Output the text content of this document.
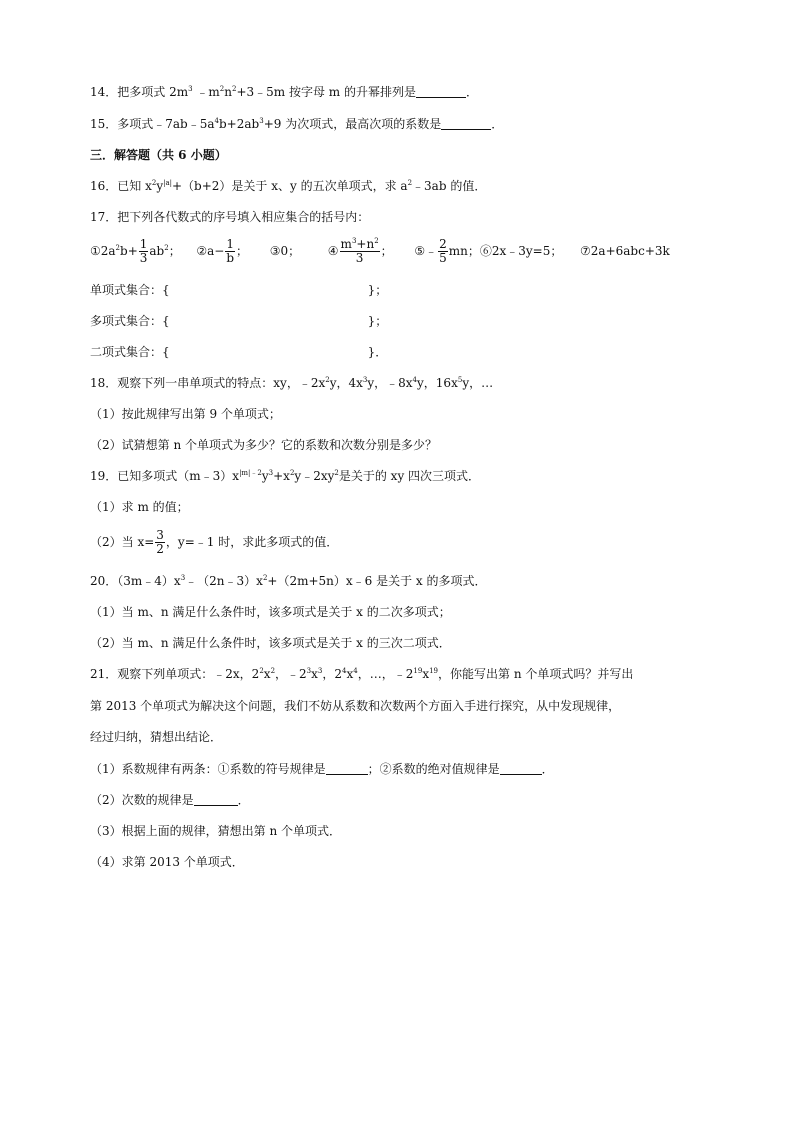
14．把多项式 $2m^3$ $﹣m^2n^2+3﹣5m$ 按字母 m 的升幂排列是	．
15．多项式$﹣7ab﹣5a^4b+2ab^3+9$ 为次项式，最高次项的系数是	．
三．解答题（共 6 小题）
16．已知 $x^2y^{|a|}+(b+2)$是关于 x、y 的五次单项式，求 $a^2﹣3ab$ 的值．
17．把下列各代数式的序号填入相应集合的括号内：
$①2a^2b+ \frac{1}{3} ab^2$； ②a− $\frac{1}{b}$ ； ③0； ④ $\frac{m^3+n^2}{3}$ ； ⑤﹣ $\frac{2}{5}$ mn；⑥2x﹣3y=5； ⑦2a+6abc+3k
单项式集合：{	}；
多项式集合：{	}；
二项式集合：{	}．
18．观察下列一串单项式的特点：xy，$﹣2x^2y$，$4x^3y$，$﹣8x^4y$，$16x^5y$，…
（1）按此规律写出第 9 个单项式；
（2）试猜想第 n 个单项式为多少？它的系数和次数分别是多少？
19．已知多项式$(m﹣3)x^{|m|﹣2}y^3+x^2y﹣2xy^2$是关于的 xy 四次三项式．
（1）求 m 的值；
（2）当 $x= \frac{3}{2}$ ，y=﹣1 时，求此多项式的值．
20．$(3m﹣4)x^3﹣(2n﹣3)x^2+(2m+5n)x﹣6$ 是关于 x 的多项式．
（1）当 m、n 满足什么条件时，该多项式是关于 x 的二次多项式；
（2）当 m、n 满足什么条件时，该多项式是关于 x 的三次二项式．
21．观察下列单项式：﹣2x，$2^2x^2$，$﹣2^3x^3$，$2^4x^4$，…，$﹣2^{19}x^{19}$，你能写出第 n 个单项式吗？并写出
第 2013 个单项式为解决这个问题，我们不妨从系数和次数两个方面入手进行探究，从中发现规律，
经过归纳，猜想出结论．
（1）系数规律有两条：①系数的符号规律是	；②系数的绝对值规律是	．
（2）次数的规律是	．
（3）根据上面的规律，猜想出第 n 个单项式．
（4）求第 2013 个单项式．
